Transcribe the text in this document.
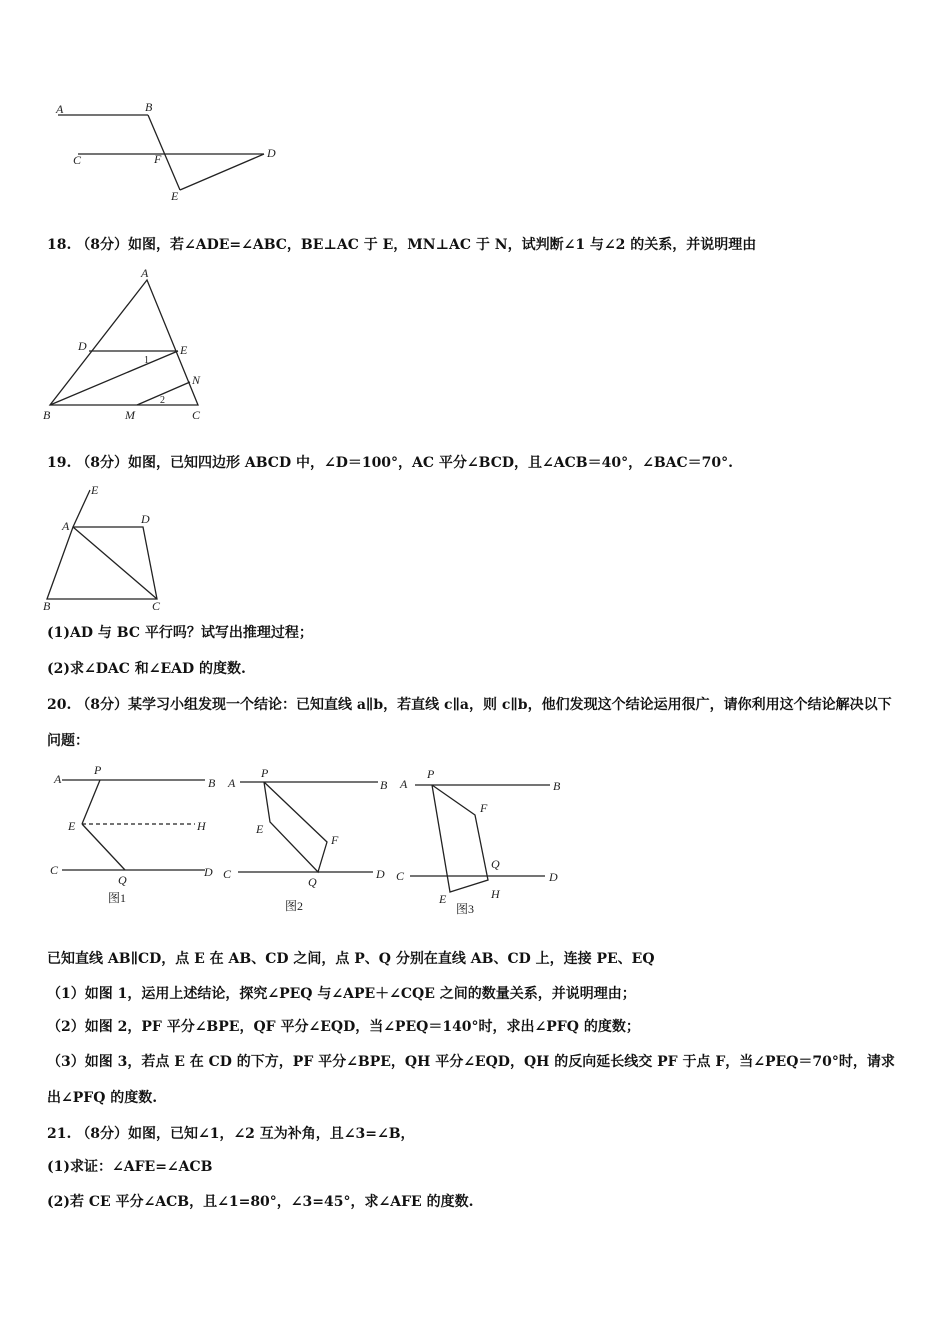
A	B
C	F	D
E

18. （8分）如图，若∠ADE=∠ABC，BE⊥AC 于 E，MN⊥AC 于 N，试判断∠1 与∠2 的关系，并说明理由

A
D	E
N
B	M	C
1
2

19. （8分）如图，已知四边形 ABCD 中，∠D＝100°，AC 平分∠BCD，且∠ACB＝40°，∠BAC＝70°.

E
A	D
B	C

(1)AD 与 BC 平行吗？试写出推理过程；

(2)求∠DAC 和∠EAD 的度数.

20. （8分）某学习小组发现一个结论：已知直线 a∥b，若直线 c∥a，则 c∥b，他们发现这个结论运用很广，请你利用这个结论解决以下问题：

A
P
B
E	H
C
Q
D
图1
A
P
B
E
F
C
Q
D
图2
A
P
B
F
C
Q
D
H
E
图3

已知直线 AB∥CD，点 E 在 AB、CD 之间，点 P、Q 分别在直线 AB、CD 上，连接 PE、EQ

（1）如图 1，运用上述结论，探究∠PEQ 与∠APE＋∠CQE 之间的数量关系，并说明理由；

（2）如图 2，PF 平分∠BPE，QF 平分∠EQD，当∠PEQ＝140°时，求出∠PFQ 的度数；

（3）如图 3，若点 E 在 CD 的下方，PF 平分∠BPE，QH 平分∠EQD，QH 的反向延长线交 PF 于点 F，当∠PEQ＝70°时，请求出∠PFQ 的度数.

21. （8分）如图，已知∠1，∠2 互为补角，且∠3=∠B，

(1)求证：∠AFE=∠ACB

(2)若 CE 平分∠ACB，且∠1=80°，∠3=45°，求∠AFE 的度数.
